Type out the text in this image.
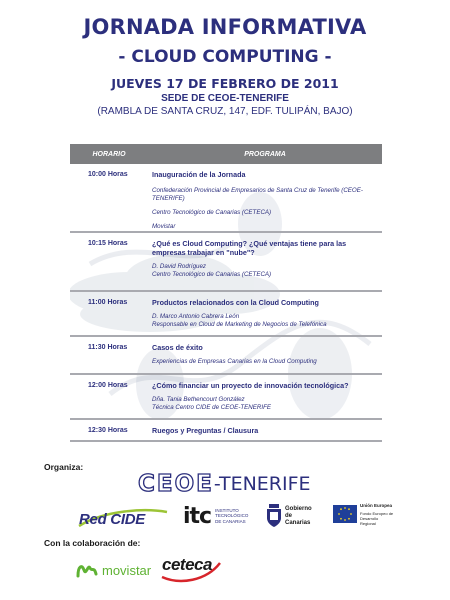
JORNADA INFORMATIVA
- CLOUD COMPUTING -
JUEVES 17 DE FEBRERO DE 2011
SEDE DE CEOE-TENERIFE
(RAMBLA DE SANTA CRUZ, 147, EDF. TULIPÁN, BAJO)
HORARIO	PROGRAMA
10:00 Horas	Inauguración de la Jornada
Confederación Provincial de Empresarios de Santa Cruz de Tenerife (CEOE-TENERIFE)
Centro Tecnológico de Canarias (CETECA)
Movistar
10:15 Horas	¿Qué es Cloud Computing? ¿Qué ventajas tiene para las empresas trabajar en "nube"?
D. David Rodríguez
Centro Tecnológico de Canarias (CETECA)
11:00 Horas	Productos relacionados con la Cloud Computing
D. Marco Antonio Cabrera León
Responsable en Cloud de Marketing de Negocios de Telefónica
11:30 Horas	Casos de éxito
Experiencias de Empresas Canarias en la Cloud Computing
12:00 Horas	¿Cómo financiar un proyecto de innovación tecnológica?
Dña. Tania Bethencourt González
Técnica Centro CIDE de CEOE-TENERIFE
12:30 Horas	Ruegos y Preguntas / Clausura
Organiza:
CEOE -TENERIFE
Red CIDE itc INSTITUTO TECNOLÓGICO DE CANARIAS
Gobierno de Canarias
Unión Europea
Fondo Europeo de Desarrollo Regional
Con la colaboración de:
movistar ceteca
